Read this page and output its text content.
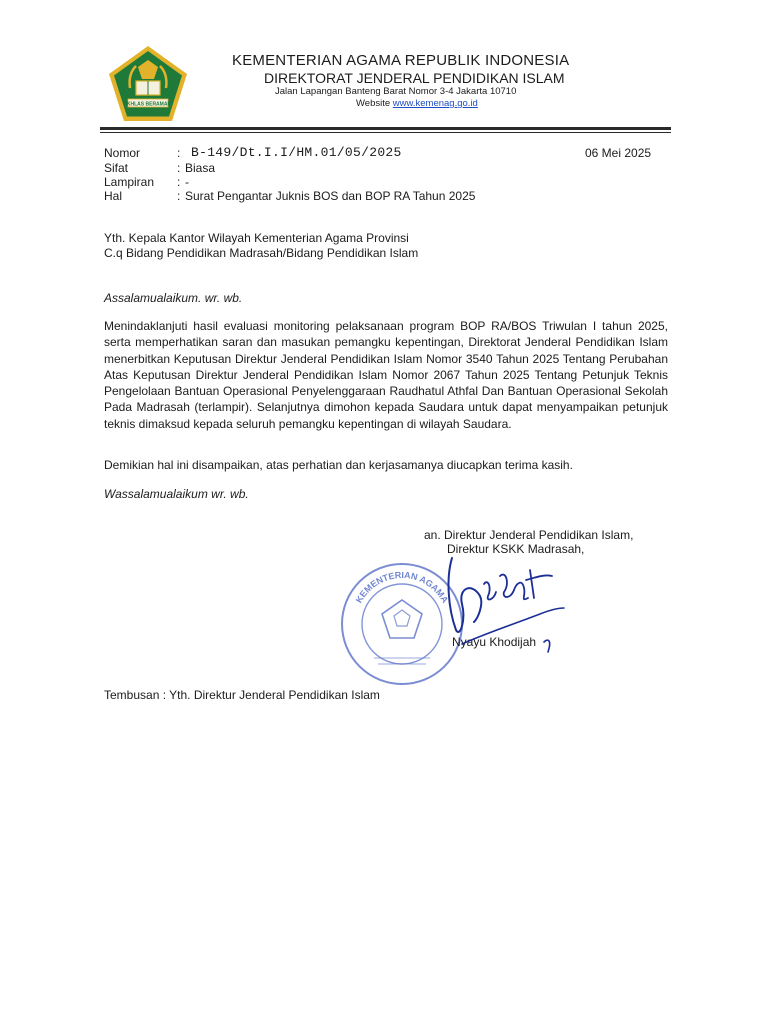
IKHLAS BERAMAL
KEMENTERIAN AGAMA REPUBLIK INDONESIA
DIREKTORAT JENDERAL PENDIDIKAN ISLAM
Jalan Lapangan Banteng Barat Nomor 3-4 Jakarta 10710
Website www.kemenag.go.id
Nomor	: B-149/Dt.I.I/HM.01/05/2025	06 Mei 2025
Sifat	: Biasa
Lampiran : -
Hal	: Surat Pengantar Juknis BOS dan BOP RA Tahun 2025
Yth. Kepala Kantor Wilayah Kementerian Agama Provinsi
C.q Bidang Pendidikan Madrasah/Bidang Pendidikan Islam
Assalamualaikum. wr. wb.
Menindaklanjuti hasil evaluasi monitoring pelaksanaan program BOP RA/BOS Triwulan I tahun 2025, serta memperhatikan saran dan masukan pemangku kepentingan, Direktorat Jenderal Pendidikan Islam menerbitkan Keputusan Direktur Jenderal Pendidikan Islam Nomor 3540 Tahun 2025 Tentang Perubahan Atas Keputusan Direktur Jenderal Pendidikan Islam Nomor 2067 Tahun 2025 Tentang Petunjuk Teknis Pengelolaan Bantuan Operasional Penyelenggaraan Raudhatul Athfal Dan Bantuan Operasional Sekolah Pada Madrasah (terlampir). Selanjutnya dimohon kepada Saudara untuk dapat menyampaikan petunjuk teknis dimaksud kepada seluruh pemangku kepentingan di wilayah Saudara.
Demikian hal ini disampaikan, atas perhatian dan kerjasamanya diucapkan terima kasih.
Wassalamualaikum wr. wb.
an. Direktur Jenderal Pendidikan Islam,
Direktur KSKK Madrasah,
KEMENTERIAN AGAMA
Nyayu Khodijah
Tembusan : Yth. Direktur Jenderal Pendidikan Islam
